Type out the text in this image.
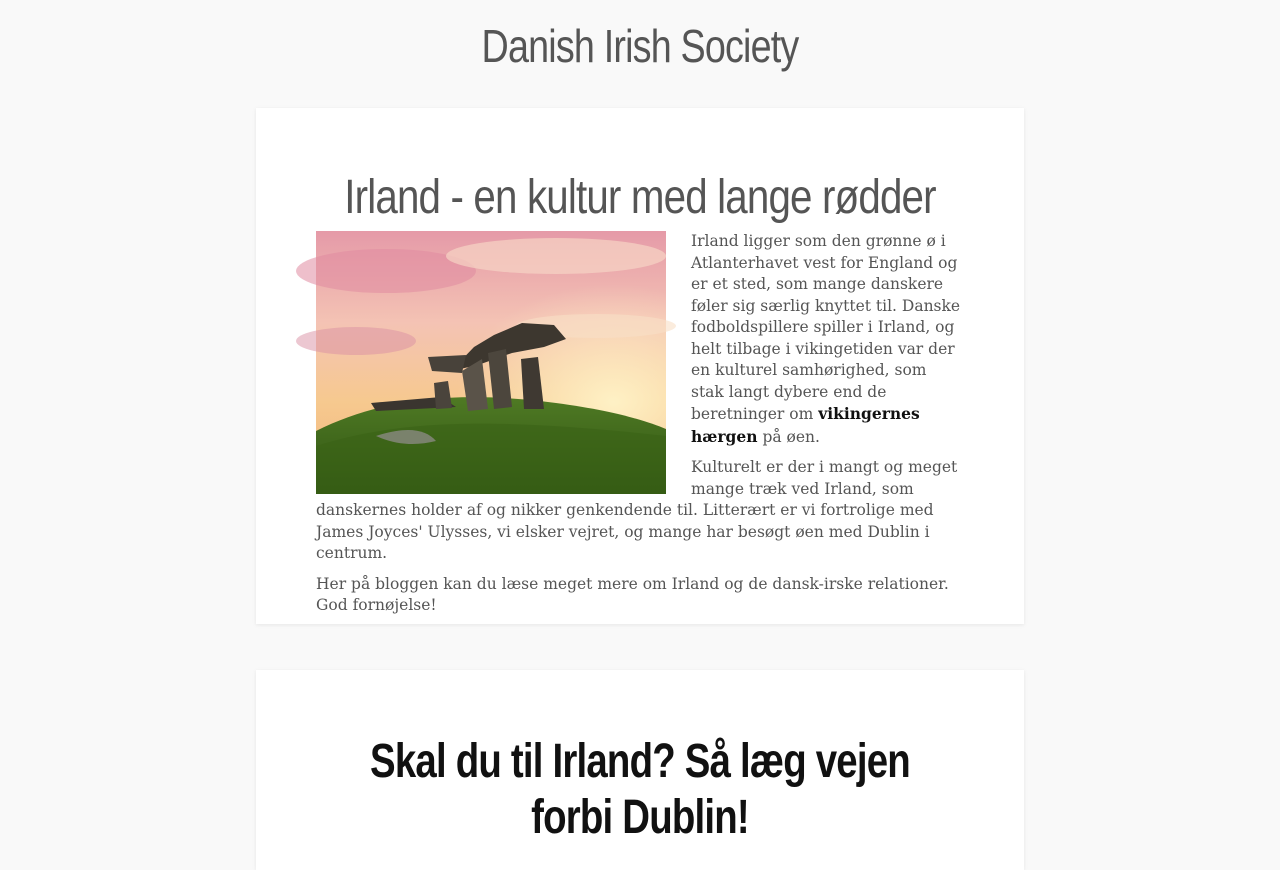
Danish Irish Society
Irland - en kultur med lange rødder

Irland ligger som den grønne ø i Atlanterhavet vest for England og er et sted, som mange danskere føler sig særlig knyttet til. Danske fodboldspillere spiller i Irland, og helt tilbage i vikingetiden var der en kulturel samhørighed, som stak langt dybere end de beretninger om vikingernes hærgen på øen.

Kulturelt er der i mangt og meget mange træk ved Irland, som danskernes holder af og nikker genkendende til. Litterært er vi fortrolige med James Joyces' Ulysses, vi elsker vejret, og mange har besøgt øen med Dublin i centrum.

Her på bloggen kan du læse meget mere om Irland og de dansk-irske relationer. God fornøjelse!

Skal du til Irland? Så læg vejen forbi Dublin!
